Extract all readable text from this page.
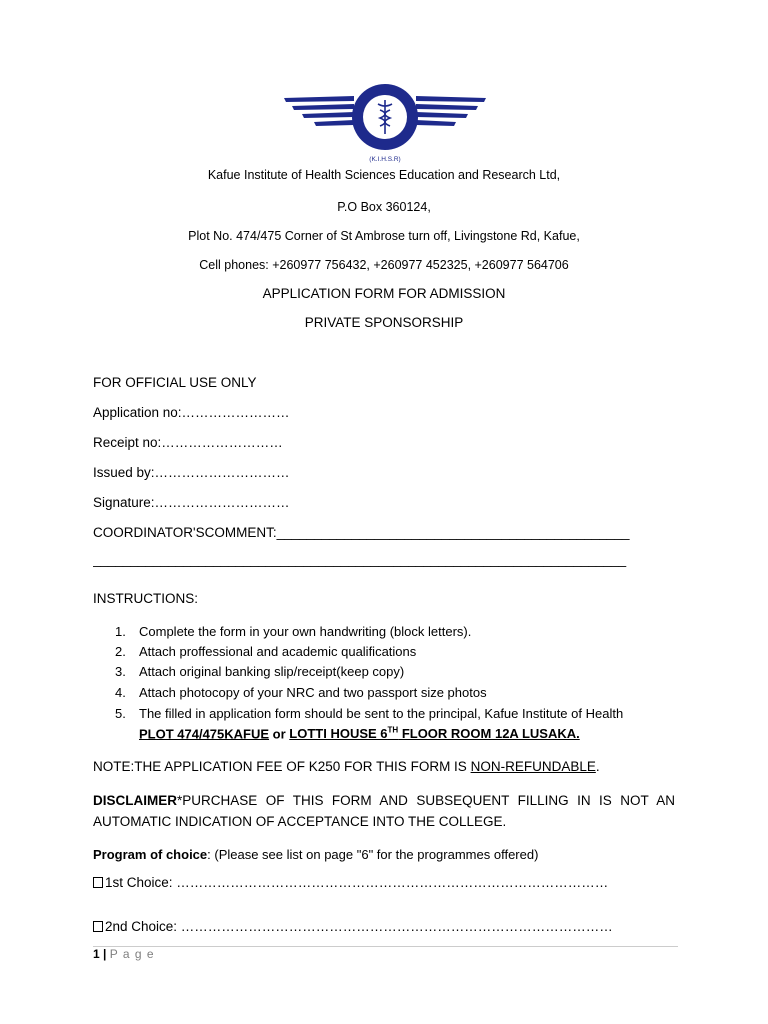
(K.I.H.S.R)
Kafue Institute of Health Sciences Education and Research Ltd,
P.O Box 360124,
Plot No. 474/475 Corner of St Ambrose turn off, Livingstone Rd, Kafue,
Cell phones: +260977 756432, +260977 452325, +260977 564706
APPLICATION FORM FOR ADMISSION
PRIVATE SPONSORSHIP
FOR OFFICIAL USE ONLY
Application no:……………………
Receipt no:………………………
Issued by:…………………………
Signature:…………………………
COORDINATOR'SCOMMENT:_______________________________________________
_______________________________________________________________________
INSTRUCTIONS:
1. Complete the form in your own handwriting (block letters).
2. Attach proffessional and academic qualifications
3. Attach original banking slip/receipt(keep copy)
4. Attach photocopy of your NRC and two passport size photos
5. The filled in application form should be sent to the principal, Kafue Institute of Health
PLOT 474/475KAFUE or LOTTI HOUSE 6TH FLOOR ROOM 12A LUSAKA.
NOTE:THE APPLICATION FEE OF K250 FOR THIS FORM IS NON-REFUNDABLE.
DISCLAIMER*PURCHASE OF THIS FORM AND SUBSEQUENT FILLING IN IS NOT AN AUTOMATIC INDICATION OF ACCEPTANCE INTO THE COLLEGE.
Program of choice: (Please see list on page "6" for the programmes offered)
1st Choice: ……………………………………………………………………………………
2nd Choice: ……………………………………………………………………………………
1 | P a g e
